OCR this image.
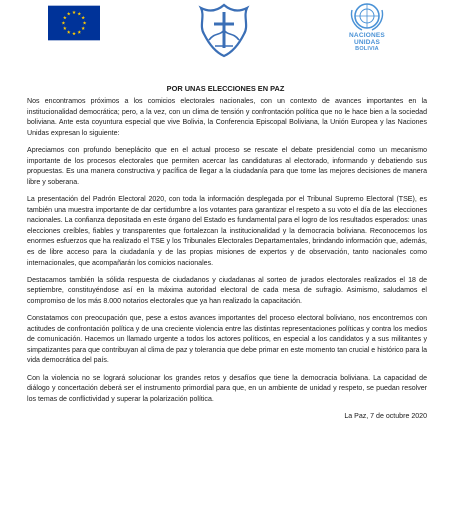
NACIONES
UNIDAS
BOLIVIA
POR UNAS ELECCIONES EN PAZ

Nos encontramos próximos a los comicios electorales nacionales, con un contexto de avances importantes en la institucionalidad democrática; pero, a la vez, con un clima de tensión y confrontación política que no le hace bien a la sociedad boliviana. Ante esta coyuntura especial que vive Bolivia, la Conferencia Episcopal Boliviana, la Unión Europea y las Naciones Unidas expresan lo siguiente:

Apreciamos con profundo beneplácito que en el actual proceso se rescate el debate presidencial como un mecanismo importante de los procesos electorales que permiten acercar las candidaturas al electorado, informando y debatiendo sus propuestas. Es una manera constructiva y pacífica de llegar a la ciudadanía para que tome las mejores decisiones de manera libre y soberana.

La presentación del Padrón Electoral 2020, con toda la información desplegada por el Tribunal Supremo Electoral (TSE), es también una muestra importante de dar certidumbre a los votantes para garantizar el respeto a su voto el día de las elecciones nacionales. La confianza depositada en este órgano del Estado es fundamental para el logro de los resultados esperados: unas elecciones creíbles, fiables y transparentes que fortalezcan la institucionalidad y la democracia boliviana. Reconocemos los enormes esfuerzos que ha realizado el TSE y los Tribunales Electorales Departamentales, brindando información que, además, es de libre acceso para la ciudadanía y de las propias misiones de expertos y de observación, tanto nacionales como internacionales, que acompañarán los comicios nacionales.

Destacamos también la sólida respuesta de ciudadanos y ciudadanas al sorteo de jurados electorales realizados el 18 de septiembre, constituyéndose así en la máxima autoridad electoral de cada mesa de sufragio. Asimismo, saludamos el compromiso de los más 8.000 notarios electorales que ya han realizado la capacitación.

Constatamos con preocupación que, pese a estos avances importantes del proceso electoral boliviano, nos encontremos con actitudes de confrontación política y de una creciente violencia entre las distintas representaciones políticas y contra los medios de comunicación. Hacemos un llamado urgente a todos los actores políticos, en especial a los candidatos y a sus militantes y simpatizantes para que contribuyan al clima de paz y tolerancia que debe primar en este momento tan crucial e histórico para la vida democrática del país.

Con la violencia no se logrará solucionar los grandes retos y desafíos que tiene la democracia boliviana. La capacidad de diálogo y concertación deberá ser el instrumento primordial para que, en un ambiente de unidad y respeto, se puedan resolver los temas de conflictividad y superar la polarización política.

La Paz, 7 de octubre 2020
